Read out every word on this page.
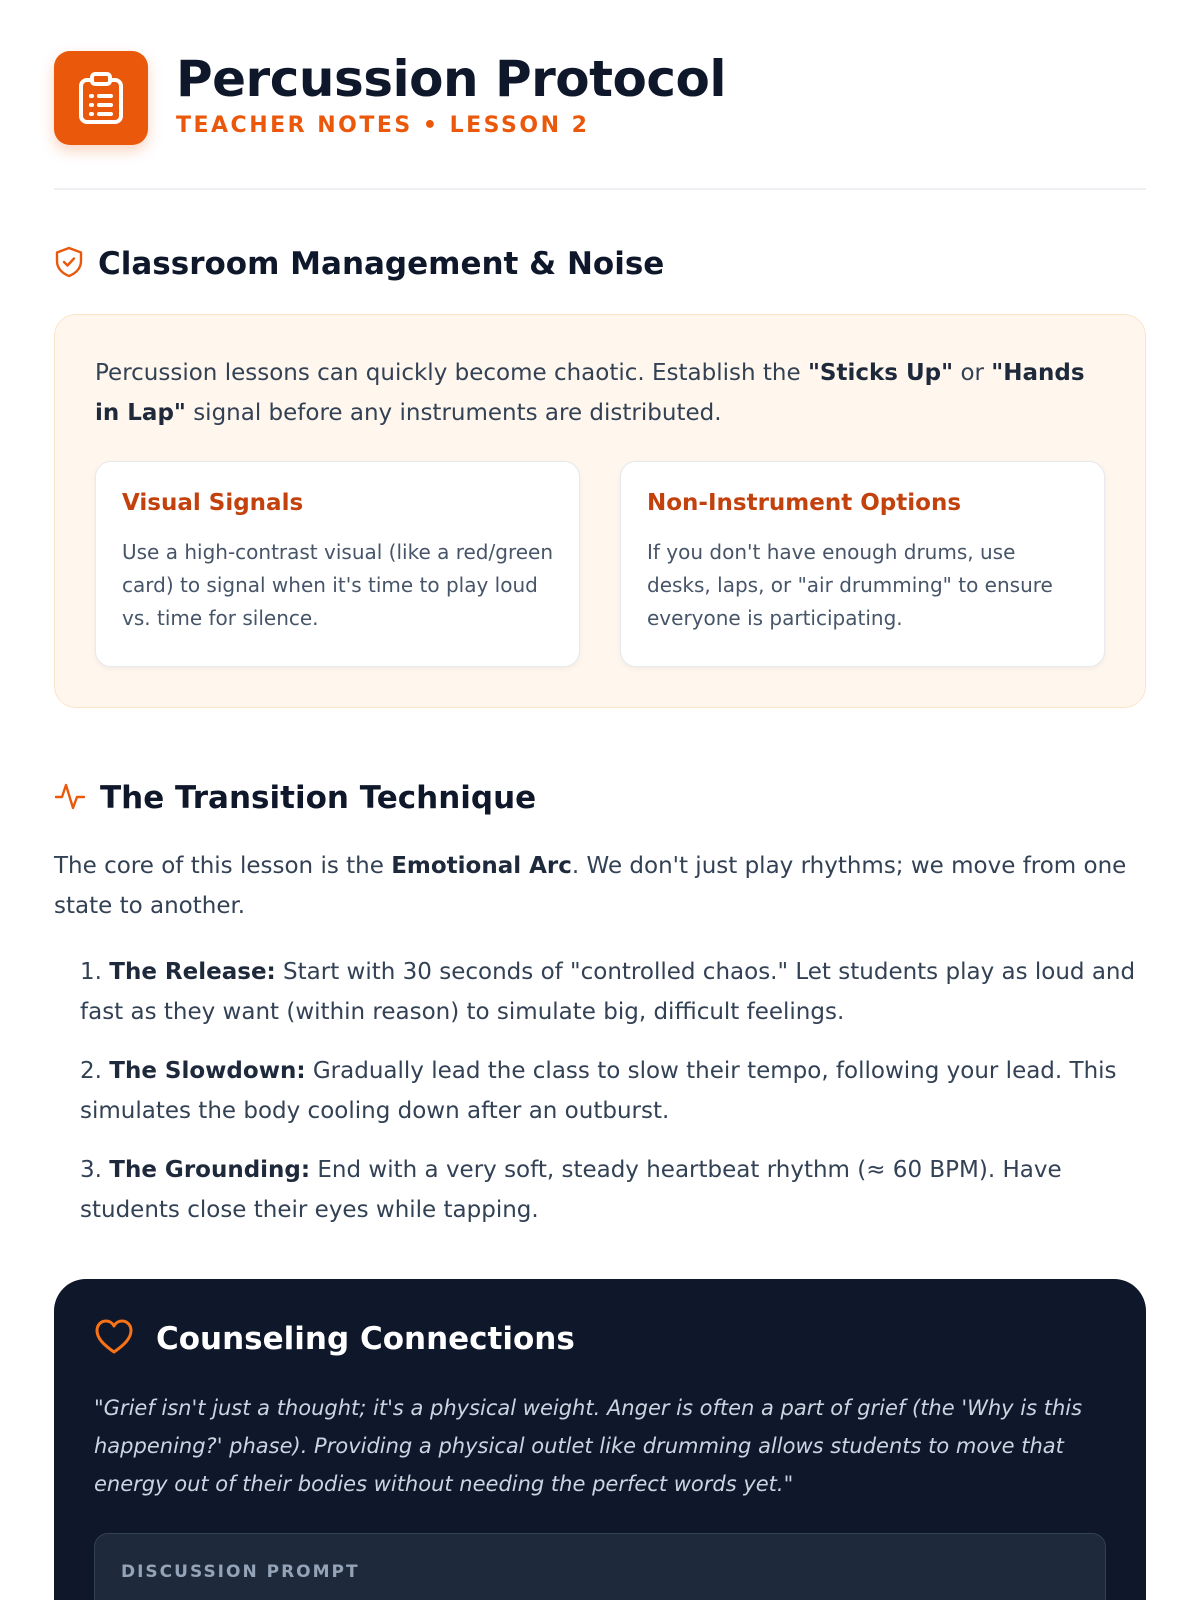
Percussion Protocol
TEACHER NOTES • LESSON 2
Classroom Management & Noise

Percussion lessons can quickly become chaotic. Establish the "Sticks Up" or "Hands in Lap" signal before any instruments are distributed.

Visual Signals
Use a high-contrast visual (like a red/green card) to signal when it's time to play loud vs. time for silence.
Non-Instrument Options
If you don't have enough drums, use desks, laps, or "air drumming" to ensure everyone is participating.
The Transition Technique

The core of this lesson is the Emotional Arc. We don't just play rhythms; we move from one state to another.

1. The Release: Start with 30 seconds of "controlled chaos." Let students play as loud and fast as they want (within reason) to simulate big, difficult feelings.

2. The Slowdown: Gradually lead the class to slow their tempo, following your lead. This simulates the body cooling down after an outburst.

3. The Grounding: End with a very soft, steady heartbeat rhythm (≈ 60 BPM). Have students close their eyes while tapping.

Counseling Connections

"Grief isn't just a thought; it's a physical weight. Anger is often a part of grief (the 'Why is this happening?' phase). Providing a physical outlet like drumming allows students to move that energy out of their bodies without needing the perfect words yet."

DISCUSSION PROMPT
